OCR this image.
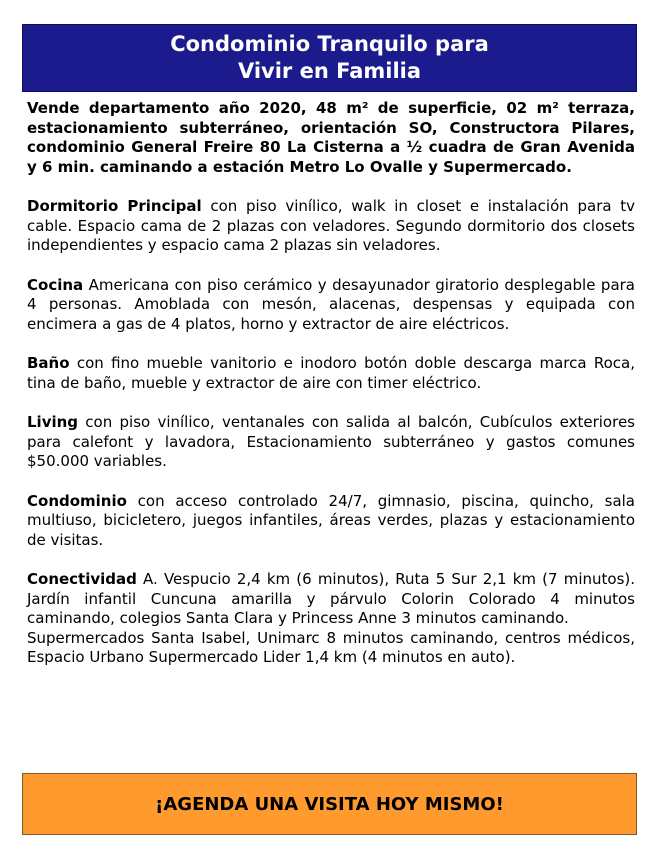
Condominio Tranquilo para
Vivir en Familia

Vende departamento año 2020, 48 m² de superficie, 02 m² terraza, estacionamiento subterráneo, orientación SO, Constructora Pilares, condominio General Freire 80 La Cisterna a ½ cuadra de Gran Avenida y 6 min. caminando a estación Metro Lo Ovalle y Supermercado.

Dormitorio Principal con piso vinílico, walk in closet e instalación para tv cable. Espacio cama de 2 plazas con veladores. Segundo dormitorio dos closets independientes y espacio cama 2 plazas sin veladores.

Cocina Americana con piso cerámico y desayunador giratorio desplegable para 4 personas. Amoblada con mesón, alacenas, despensas y equipada con encimera a gas de 4 platos, horno y extractor de aire eléctricos.

Baño con fino mueble vanitorio e inodoro botón doble descarga marca Roca, tina de baño, mueble y extractor de aire con timer eléctrico.

Living con piso vinílico, ventanales con salida al balcón, Cubículos exteriores para calefont y lavadora, Estacionamiento subterráneo y gastos comunes $50.000 variables.

Condominio con acceso controlado 24/7, gimnasio, piscina, quincho, sala multiuso, bicicletero, juegos infantiles, áreas verdes, plazas y estacionamiento de visitas.

Conectividad A. Vespucio 2,4 km (6 minutos), Ruta 5 Sur 2,1 km (7 minutos). Jardín infantil Cuncuna amarilla y párvulo Colorin Colorado 4 minutos caminando, colegios Santa Clara y Princess Anne 3 minutos caminando.

Supermercados Santa Isabel, Unimarc 8 minutos caminando, centros médicos, Espacio Urbano Supermercado Lider 1,4 km (4 minutos en auto).

¡AGENDA UNA VISITA HOY MISMO!
